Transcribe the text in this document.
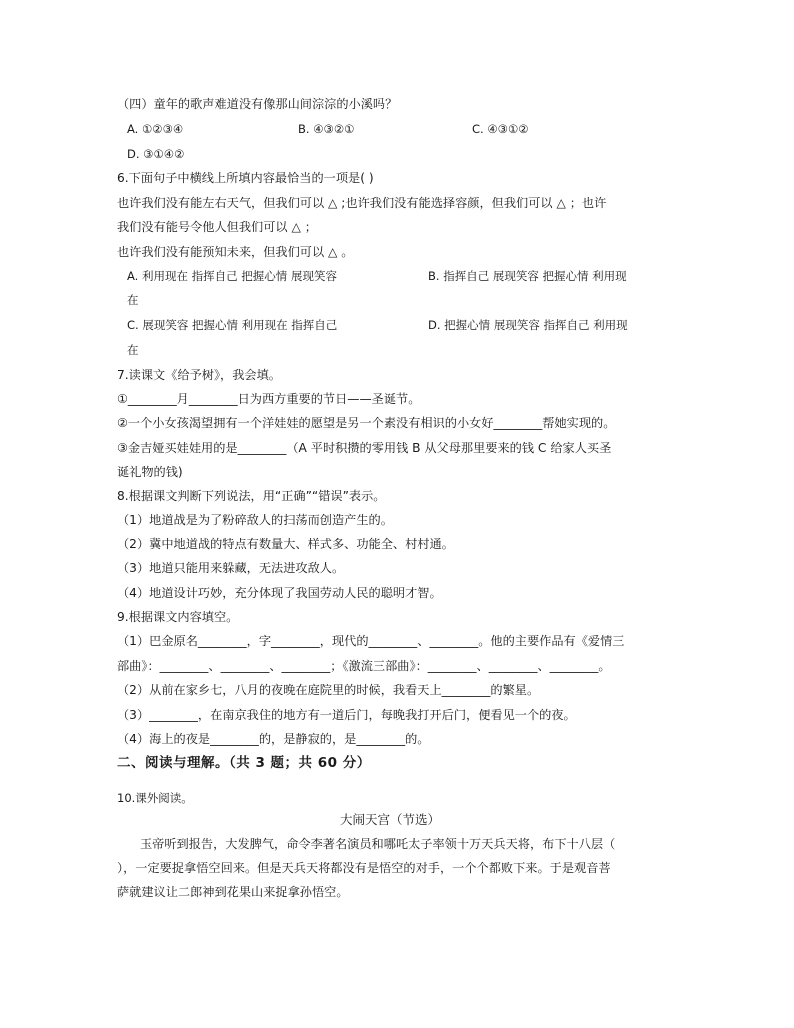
（四）童年的歌声难道没有像那山间淙淙的小溪吗？
A. ①②③④	B. ④③②①	C. ④③①②
D. ③①④②
6.下面句子中横线上所填内容最恰当的一项是( )
也许我们没有能左右天气，但我们可以 △ ;也许我们没有能选择容颜，但我们可以 △ ；也许
我们没有能号令他人但我们可以 △ ；
也许我们没有能预知未来，但我们可以 △ 。
A. 利用现在 指挥自己 把握心情 展现笑容	B. 指挥自己 展现笑容 把握心情 利用现
在
C. 展现笑容 把握心情 利用现在 指挥自己	D. 把握心情 展现笑容 指挥自己 利用现
在
7.读课文《给予树》，我会填。
①________月________日为西方重要的节日——圣诞节。
②一个小女孩渴望拥有一个洋娃娃的愿望是另一个素没有相识的小女好________帮她实现的。
③金吉娅买娃娃用的是________（A 平时积攒的零用钱 B 从父母那里要来的钱 C 给家人买圣
诞礼物的钱)
8.根据课文判断下列说法，用“正确”“错误”表示。
（1）地道战是为了粉碎敌人的扫荡而创造产生的。
（2）冀中地道战的特点有数量大、样式多、功能全、村村通。
（3）地道只能用来躲藏，无法进攻敌人。
（4）地道设计巧妙，充分体现了我国劳动人民的聪明才智。
9.根据课文内容填空。
（1）巴金原名________，字________，现代的________、________。他的主要作品有《爱情三
部曲》：________、________、________；《激流三部曲》：________、________、________。
（2）从前在家乡七，八月的夜晚在庭院里的时候，我看天上________的繁星。
（3）________，在南京我住的地方有一道后门，每晚我打开后门，便看见一个的夜。
（4）海上的夜是________的，是静寂的，是________的。
二、阅读与理解。（共 3 题；共 60 分）
10.课外阅读。
大闹天宫（节选）
玉帝听到报告，大发脾气，命令李著名演员和哪吒太子率领十万天兵天将，布下十八层（
），一定要捉拿悟空回来。但是天兵天将都没有是悟空的对手，一个个都败下来。于是观音菩
萨就建议让二郎神到花果山来捉拿孙悟空。
